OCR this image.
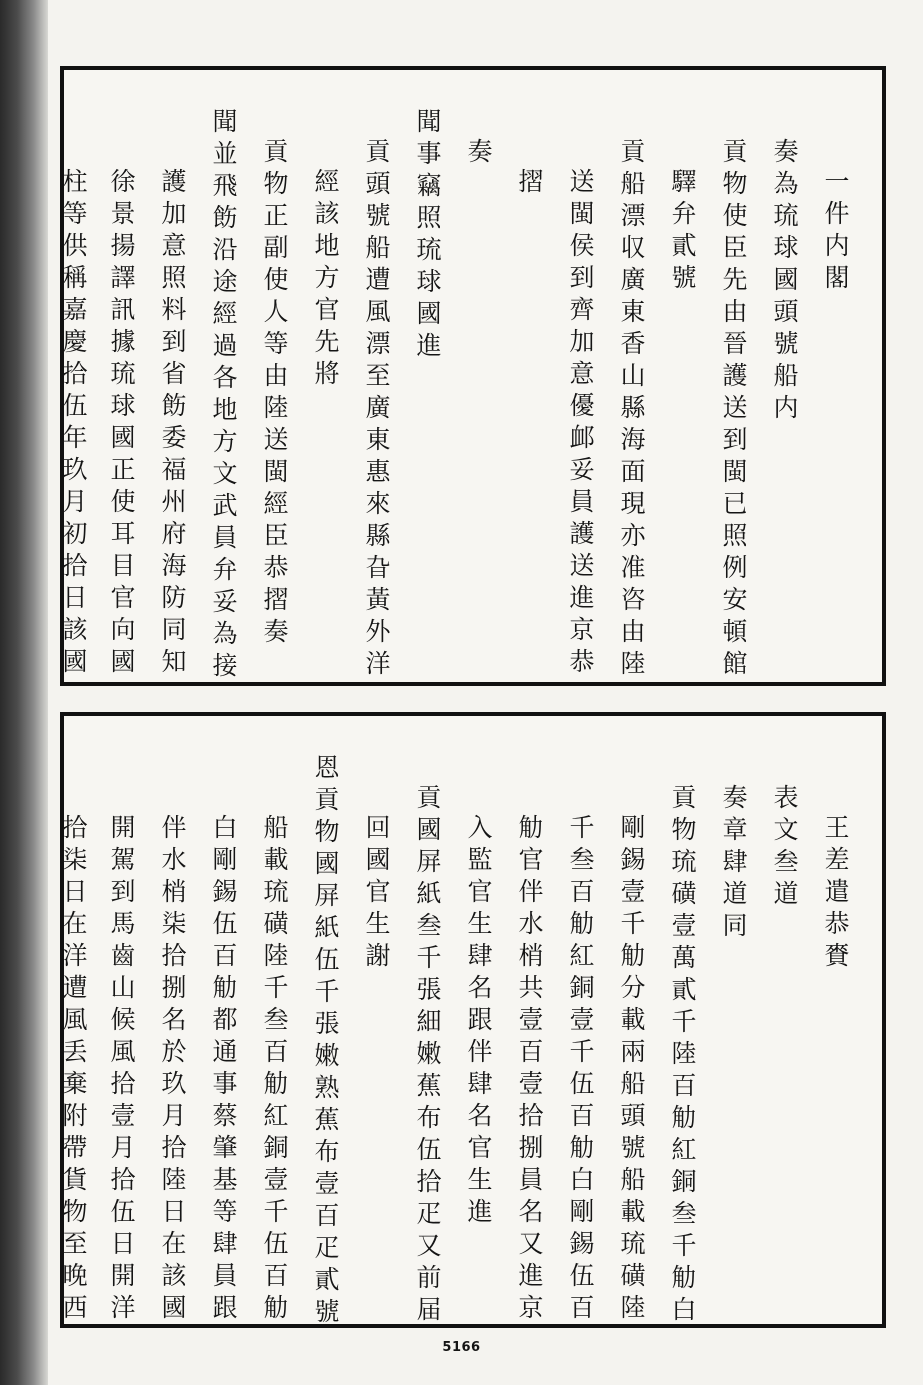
一件内閣
奏為琉球國頭號船内
貢物使臣先由晉護送到閩已照例安頓館
驛弁貳號
貢船漂収廣東香山縣海面現亦准咨由陸
送閩侯到齊加意優䘏妥員護送進京恭
摺
奏
聞事竊照琉球國進
貢頭號船遭風漂至廣東惠來縣旮黃外洋
經該地方官先將
貢物正副使人等由陸送閩經臣恭摺奏
聞並飛飭沿途經過各地方文武員弁妥為接
護加意照料到省飭委福州府海防同知
徐景揚譯訊據琉球國正使耳目官向國
柱等供稱嘉慶拾伍年玖月初拾日該國
王差遣恭賚
表文叁道
奏章肆道同
貢物琉磺壹萬貳千陸百觔紅銅叁千觔白
剛錫壹千觔分載兩船頭號船載琉磺陸
千叁百觔紅銅壹千伍百觔白剛錫伍百
觔官伴水梢共壹百壹拾捌員名又進京
入監官生肆名跟伴肆名官生進
貢國屏紙叁千張細嫩蕉布伍拾疋又前届
回國官生謝
恩貢物國屏紙伍千張嫩熟蕉布壹百疋貳號
船載琉磺陸千叁百觔紅銅壹千伍百觔
白剛錫伍百觔都通事蔡肇基等肆員跟
伴水梢柒拾捌名於玖月拾陸日在該國
開駕到馬齒山候風拾壹月拾伍日開洋
拾柒日在洋遭風丢棄附帶貨物至晚西
5166
